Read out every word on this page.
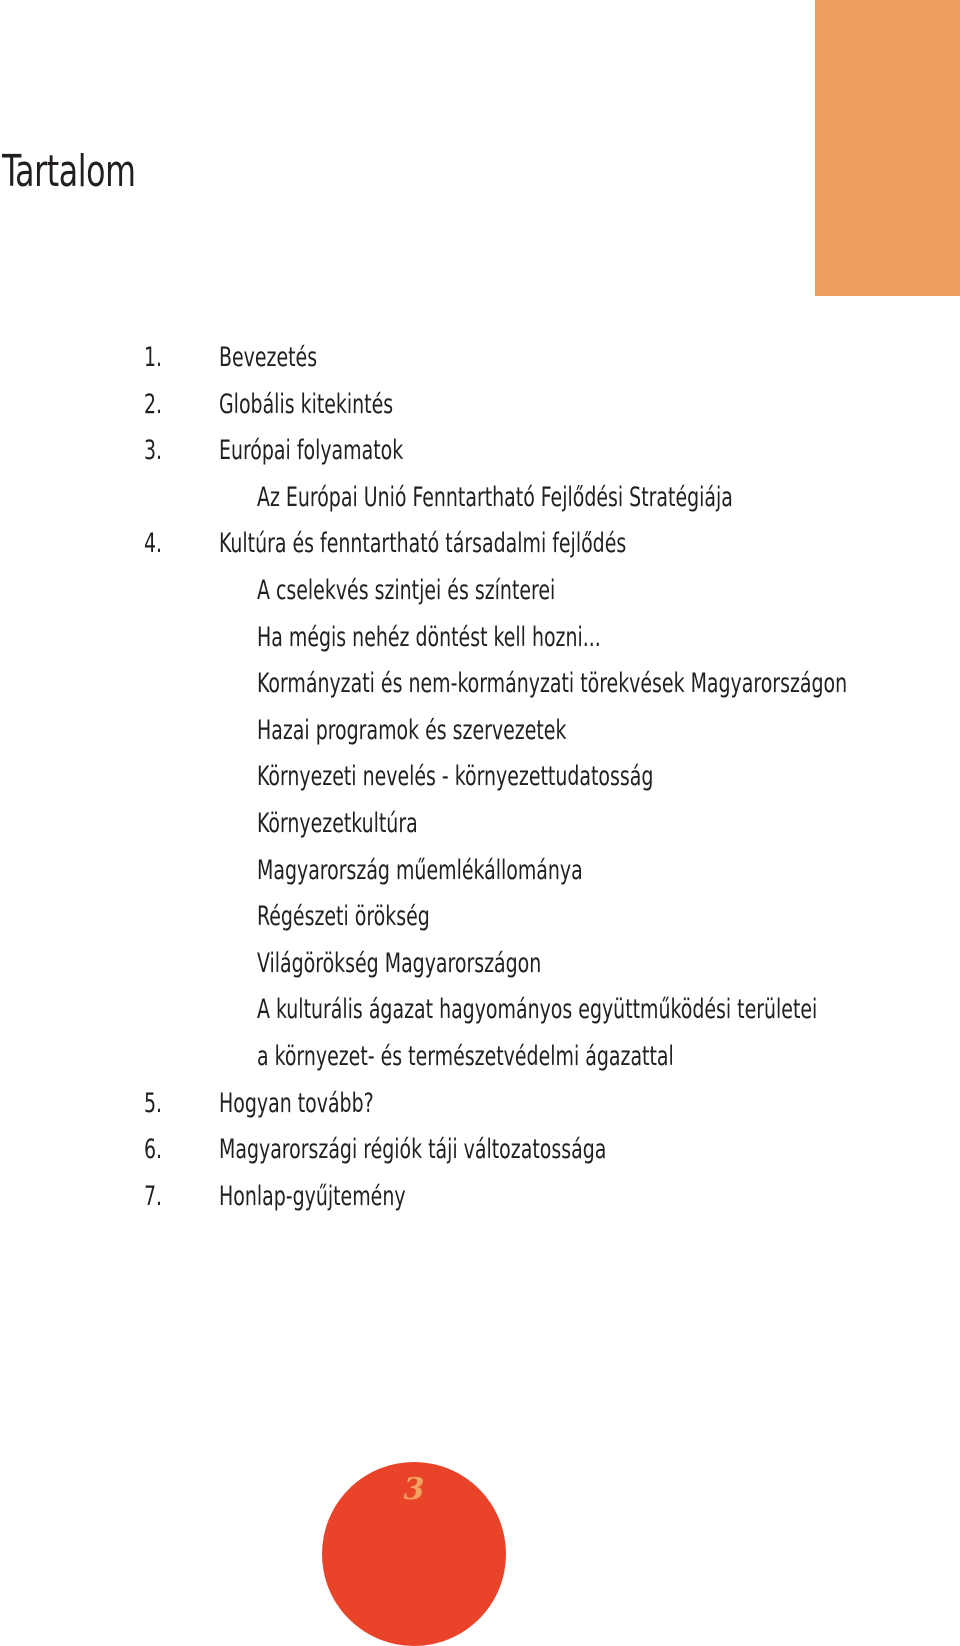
Tartalom
1. Bevezetés
2. Globális kitekintés
3. Európai folyamatok
Az Európai Unió Fenntartható Fejlődési Stratégiája
4. Kultúra és fenntartható társadalmi fejlődés
A cselekvés szintjei és színterei
Ha mégis nehéz döntést kell hozni...
Kormányzati és nem-kormányzati törekvések Magyarországon
Hazai programok és szervezetek
Környezeti nevelés - környezettudatosság
Környezetkultúra
Magyarország műemlékállománya
Régészeti örökség
Világörökség Magyarországon
A kulturális ágazat hagyományos együttműködési területei
a környezet- és természetvédelmi ágazattal
5. Hogyan tovább?
6. Magyarországi régiók táji változatossága
7. Honlap-gyűjtemény
3
